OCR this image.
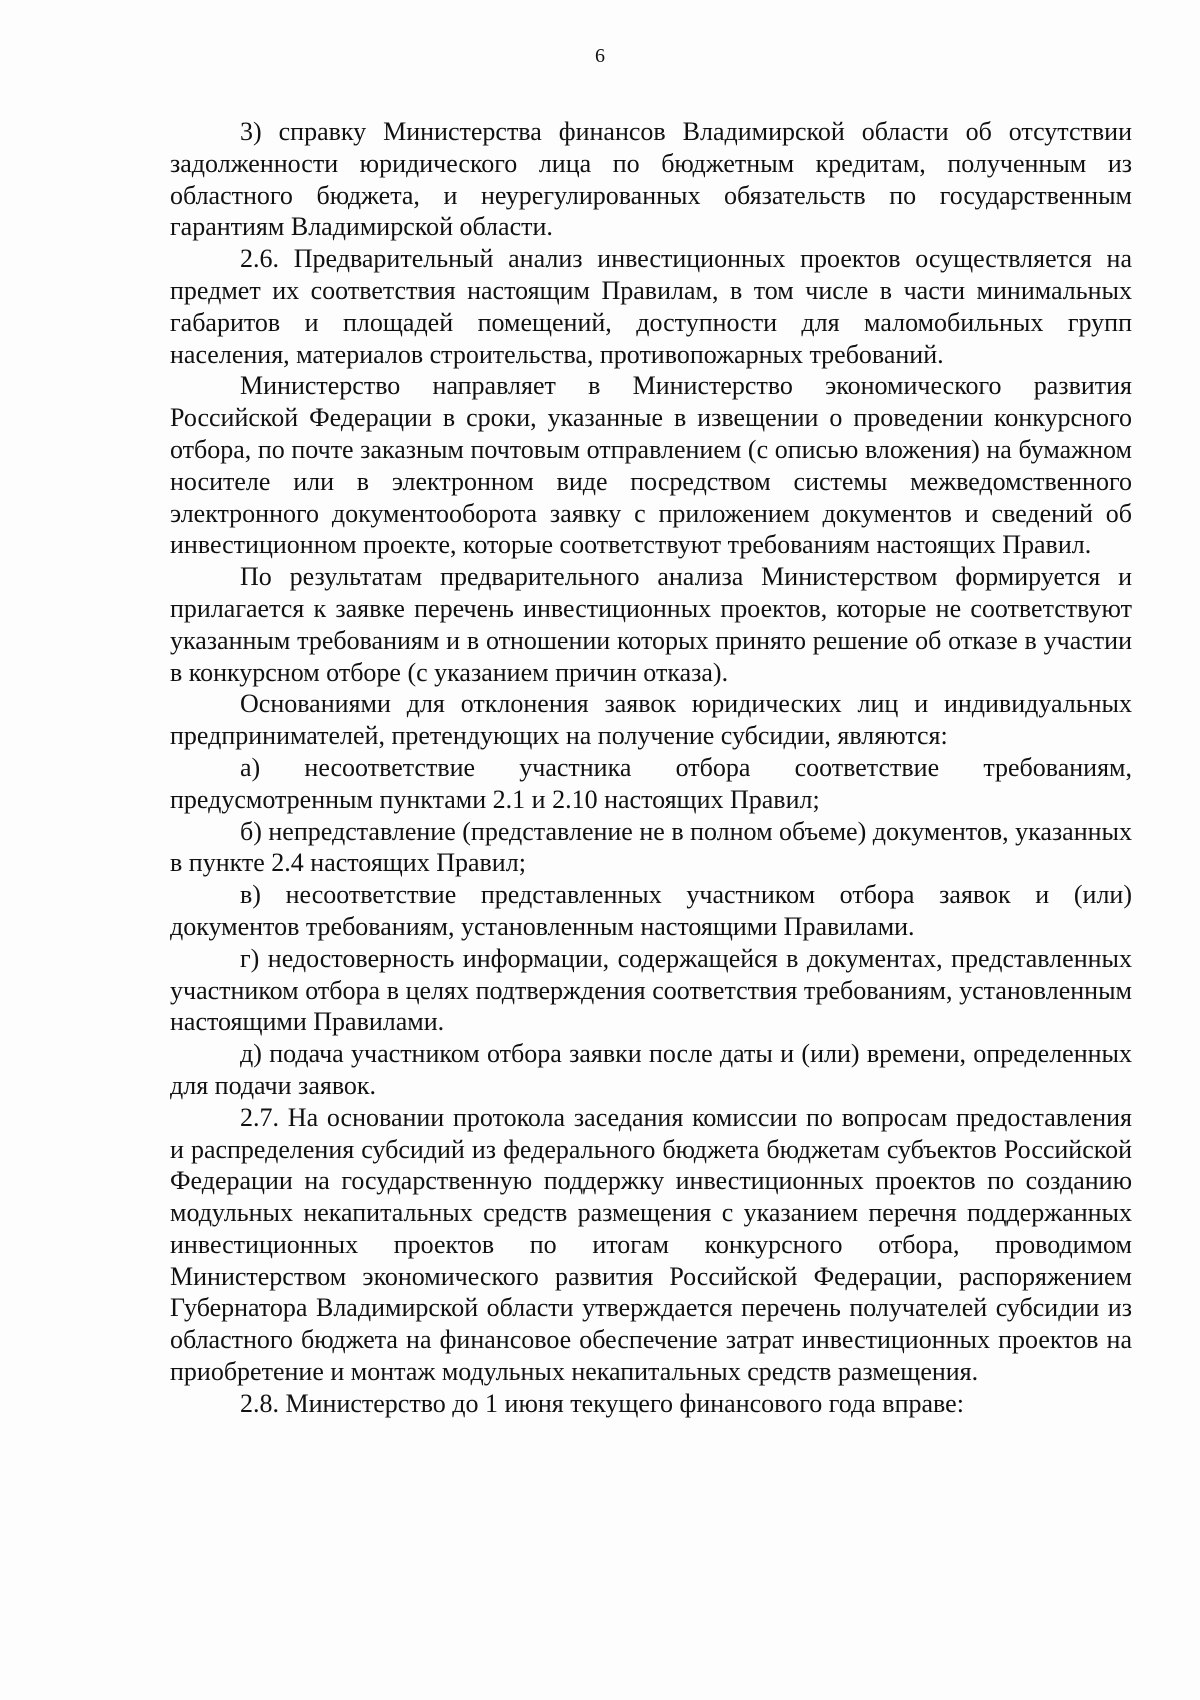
6

3) справку Министерства финансов Владимирской области об отсутствии задолженности юридического лица по бюджетным кредитам, полученным из областного бюджета, и неурегулированных обязательств по государственным гарантиям Владимирской области.

2.6. Предварительный анализ инвестиционных проектов осуществляется на предмет их соответствия настоящим Правилам, в том числе в части минимальных габаритов и площадей помещений, доступности для маломобильных групп населения, материалов строительства, противопожарных требований.

Министерство направляет в Министерство экономического развития Российской Федерации в сроки, указанные в извещении о проведении конкурсного отбора, по почте заказным почтовым отправлением (с описью вложения) на бумажном носителе или в электронном виде посредством системы межведомственного электронного документооборота заявку с приложением документов и сведений об инвестиционном проекте, которые соответствуют требованиям настоящих Правил.

По результатам предварительного анализа Министерством формируется и прилагается к заявке перечень инвестиционных проектов, которые не соответствуют указанным требованиям и в отношении которых принято решение об отказе в участии в конкурсном отборе (с указанием причин отказа).

Основаниями для отклонения заявок юридических лиц и индивидуальных предпринимателей, претендующих на получение субсидии, являются:

а) несоответствие участника отбора соответствие требованиям, предусмотренным пунктами 2.1 и 2.10 настоящих Правил;

б) непредставление (представление не в полном объеме) документов, указанных в пункте 2.4 настоящих Правил;

в) несоответствие представленных участником отбора заявок и (или) документов требованиям, установленным настоящими Правилами.

г) недостоверность информации, содержащейся в документах, представленных участником отбора в целях подтверждения соответствия требованиям, установленным настоящими Правилами.

д) подача участником отбора заявки после даты и (или) времени, определенных для подачи заявок.

2.7. На основании протокола заседания комиссии по вопросам предоставления и распределения субсидий из федерального бюджета бюджетам субъектов Российской Федерации на государственную поддержку инвестиционных проектов по созданию модульных некапитальных средств размещения с указанием перечня поддержанных инвестиционных проектов по итогам конкурсного отбора, проводимом Министерством экономического развития Российской Федерации, распоряжением Губернатора Владимирской области утверждается перечень получателей субсидии из областного бюджета на финансовое обеспечение затрат инвестиционных проектов на приобретение и монтаж модульных некапитальных средств размещения.

2.8. Министерство до 1 июня текущего финансового года вправе:
